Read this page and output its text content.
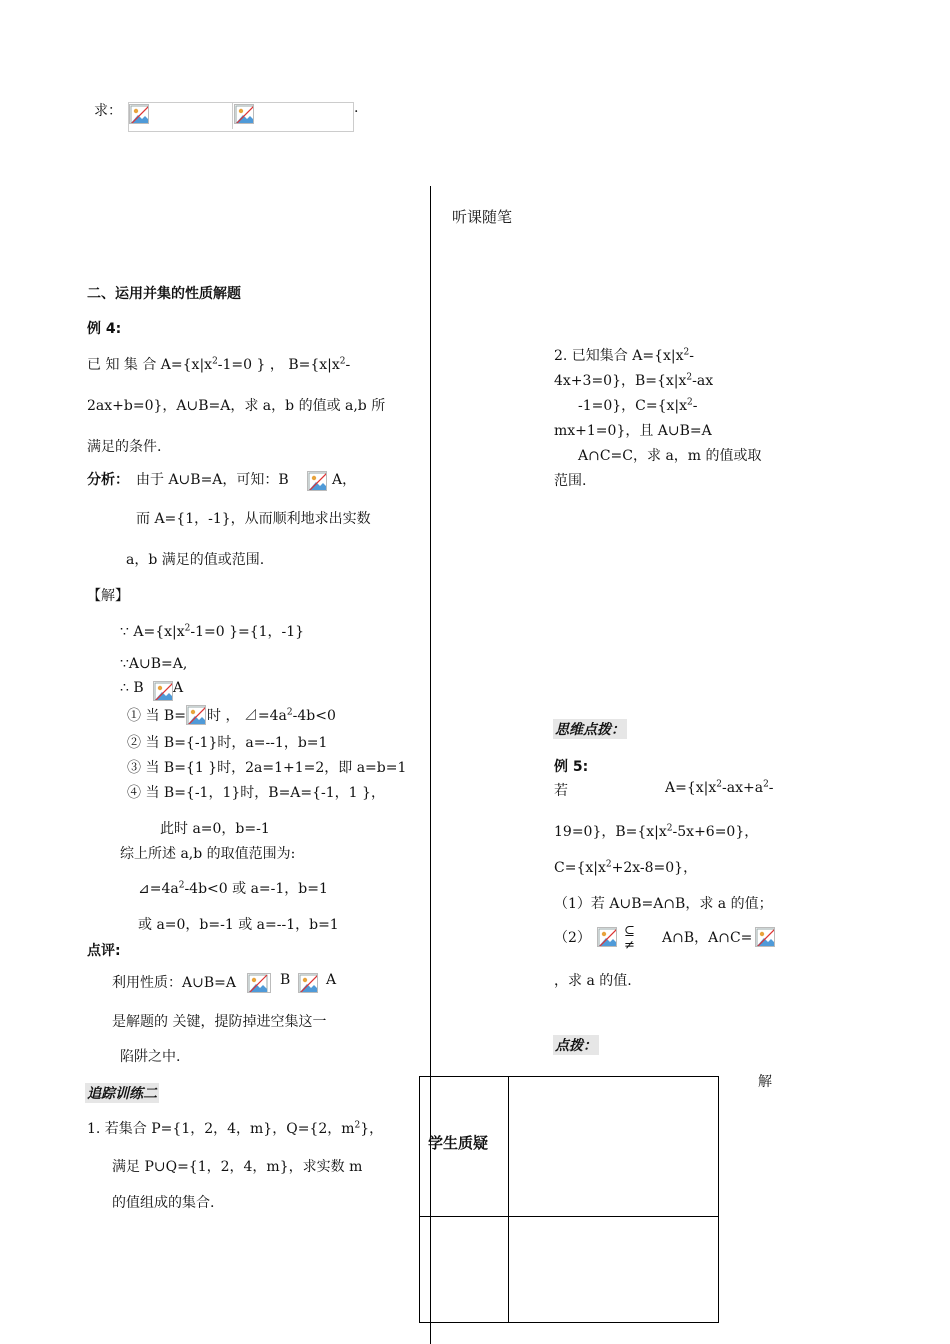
求：	.
听课随笔
二、运用并集的性质解题
例 4:
已 知 集 合 $A=\{x|x^2-1=0$ } ， $B=\{x|x^2-$
2ax+b=0}，A∪B=A，求 a，b 的值或 a,b 所
满足的条件.
分析： 由于 A∪B=A，可知：B	A，
而 A={1，-1}，从而顺利地求出实数
a，b 满足的值或范围.
【解】
∵ $A=\{x|x^2-1=0$ }={1，-1}
∵A∪B=A,
∴ B A
① 当 B= 时 ， $⊿=4a^2-4b<0$
② 当 B={-1}时，a=--1，b=1
③ 当 B={1 }时，2a=1+1=2，即 a=b=1
④ 当 B={-1，1}时，B=A={-1，1 }，
此时 a=0，b=-1
综上所述 a,b 的取值范围为:
$⊿=4a^2-4b<0$ 或 a=-1，b=1
或 a=0，b=-1 或 a=--1，b=1
点评:
利用性质：A∪B=A	B	A
是解题的 关键，提防掉进空集这一
陷阱之中.
追踪训练二
1. 若集合 P={1，2，4，m}，Q={2，$m^2$}，
满足 P∪Q={1，2，4，m}，求实数 m
的值组成的集合.
2. 已知集合 $A=\{x|x^2-$
4x+3=0}，$B=\{x|x^2-ax$
-1=0}，$C=\{x|x^2-$
mx+1=0}，且 A∪B=A
A∩C=C，求 a，m 的值或取
范围.
思维点拨：
例 5:
若	$A=\{x|x^2-ax+a^2-$
19=0}，$B=\{x|x^2-5x+6=0\}$，
$C=\{x|x^2+2x-8=0\}$，
（1）若 A∪B=A∩B，求 a 的值；
（2）	⊆
≠ A∩B，A∩C=
，求 a 的值.
点拨：
解
学生质疑
